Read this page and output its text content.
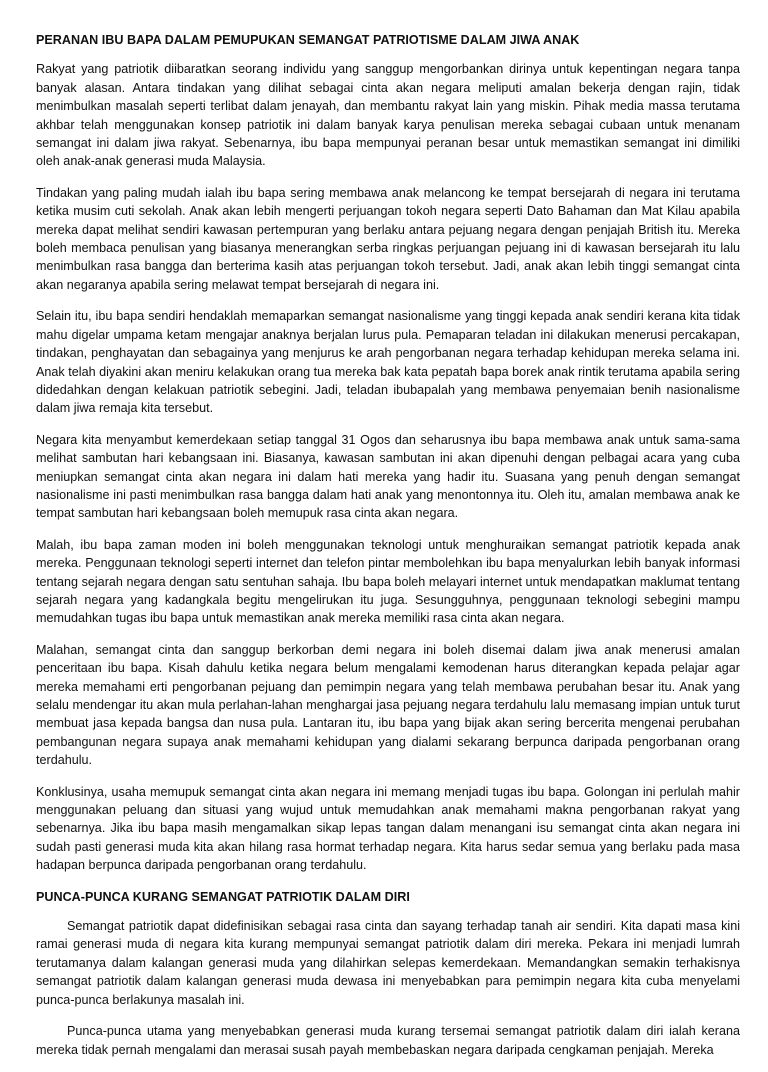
PERANAN IBU BAPA DALAM PEMUPUKAN SEMANGAT PATRIOTISME DALAM JIWA ANAK

Rakyat yang patriotik diibaratkan seorang individu yang sanggup mengorbankan dirinya untuk kepentingan negara tanpa banyak alasan. Antara tindakan yang dilihat sebagai cinta akan negara meliputi amalan bekerja dengan rajin, tidak menimbulkan masalah seperti terlibat dalam jenayah, dan membantu rakyat lain yang miskin. Pihak media massa terutama akhbar telah menggunakan konsep patriotik ini dalam banyak karya penulisan mereka sebagai cubaan untuk menanam semangat ini dalam jiwa rakyat. Sebenarnya, ibu bapa mempunyai peranan besar untuk memastikan semangat ini dimiliki oleh anak-anak generasi muda Malaysia.

Tindakan yang paling mudah ialah ibu bapa sering membawa anak melancong ke tempat bersejarah di negara ini terutama ketika musim cuti sekolah. Anak akan lebih mengerti perjuangan tokoh negara seperti Dato Bahaman dan Mat Kilau apabila mereka dapat melihat sendiri kawasan pertempuran yang berlaku antara pejuang negara dengan penjajah British itu. Mereka boleh membaca penulisan yang biasanya menerangkan serba ringkas perjuangan pejuang ini di kawasan bersejarah itu lalu menimbulkan rasa bangga dan berterima kasih atas perjuangan tokoh tersebut. Jadi, anak akan lebih tinggi semangat cinta akan negaranya apabila sering melawat tempat bersejarah di negara ini.

Selain itu, ibu bapa sendiri hendaklah memaparkan semangat nasionalisme yang tinggi kepada anak sendiri kerana kita tidak mahu digelar umpama ketam mengajar anaknya berjalan lurus pula. Pemaparan teladan ini dilakukan menerusi percakapan, tindakan, penghayatan dan sebagainya yang menjurus ke arah pengorbanan negara terhadap kehidupan mereka selama ini. Anak telah diyakini akan meniru kelakukan orang tua mereka bak kata pepatah bapa borek anak rintik terutama apabila sering didedahkan dengan kelakuan patriotik sebegini. Jadi, teladan ibubapalah yang membawa penyemaian benih nasionalisme dalam jiwa remaja kita tersebut.

Negara kita menyambut kemerdekaan setiap tanggal 31 Ogos dan seharusnya ibu bapa membawa anak untuk sama-sama melihat sambutan hari kebangsaan ini. Biasanya, kawasan sambutan ini akan dipenuhi dengan pelbagai acara yang cuba meniupkan semangat cinta akan negara ini dalam hati mereka yang hadir itu. Suasana yang penuh dengan semangat nasionalisme ini pasti menimbulkan rasa bangga dalam hati anak yang menontonnya itu. Oleh itu, amalan membawa anak ke tempat sambutan hari kebangsaan boleh memupuk rasa cinta akan negara.

Malah, ibu bapa zaman moden ini boleh menggunakan teknologi untuk menghuraikan semangat patriotik kepada anak mereka. Penggunaan teknologi seperti internet dan telefon pintar membolehkan ibu bapa menyalurkan lebih banyak informasi tentang sejarah negara dengan satu sentuhan sahaja. Ibu bapa boleh melayari internet untuk mendapatkan maklumat tentang sejarah negara yang kadangkala begitu mengelirukan itu juga. Sesungguhnya, penggunaan teknologi sebegini mampu memudahkan tugas ibu bapa untuk memastikan anak mereka memiliki rasa cinta akan negara.

Malahan, semangat cinta dan sanggup berkorban demi negara ini boleh disemai dalam jiwa anak menerusi amalan penceritaan ibu bapa. Kisah dahulu ketika negara belum mengalami kemodenan harus diterangkan kepada pelajar agar mereka memahami erti pengorbanan pejuang dan pemimpin negara yang telah membawa perubahan besar itu. Anak yang selalu mendengar itu akan mula perlahan-lahan menghargai jasa pejuang negara terdahulu lalu memasang impian untuk turut membuat jasa kepada bangsa dan nusa pula. Lantaran itu, ibu bapa yang bijak akan sering bercerita mengenai perubahan pembangunan negara supaya anak memahami kehidupan yang dialami sekarang berpunca daripada pengorbanan orang terdahulu.

Konklusinya, usaha memupuk semangat cinta akan negara ini memang menjadi tugas ibu bapa. Golongan ini perlulah mahir menggunakan peluang dan situasi yang wujud untuk memudahkan anak memahami makna pengorbanan rakyat yang sebenarnya. Jika ibu bapa masih mengamalkan sikap lepas tangan dalam menangani isu semangat cinta akan negara ini sudah pasti generasi muda kita akan hilang rasa hormat terhadap negara. Kita harus sedar semua yang berlaku pada masa hadapan berpunca daripada pengorbanan orang terdahulu.

PUNCA-PUNCA KURANG SEMANGAT PATRIOTIK DALAM DIRI

Semangat patriotik dapat didefinisikan sebagai rasa cinta dan sayang terhadap tanah air sendiri. Kita dapati masa kini ramai generasi muda di negara kita kurang mempunyai semangat patriotik dalam diri mereka. Pekara ini menjadi lumrah terutamanya dalam kalangan generasi muda yang dilahirkan selepas kemerdekaan. Memandangkan semakin terhakisnya semangat patriotik dalam kalangan generasi muda dewasa ini menyebabkan para pemimpin negara kita cuba menyelami punca-punca berlakunya masalah ini.

Punca-punca utama yang menyebabkan generasi muda kurang tersemai semangat patriotik dalam diri ialah kerana mereka tidak pernah mengalami dan merasai susah payah membebaskan negara daripada cengkaman penjajah. Mereka
